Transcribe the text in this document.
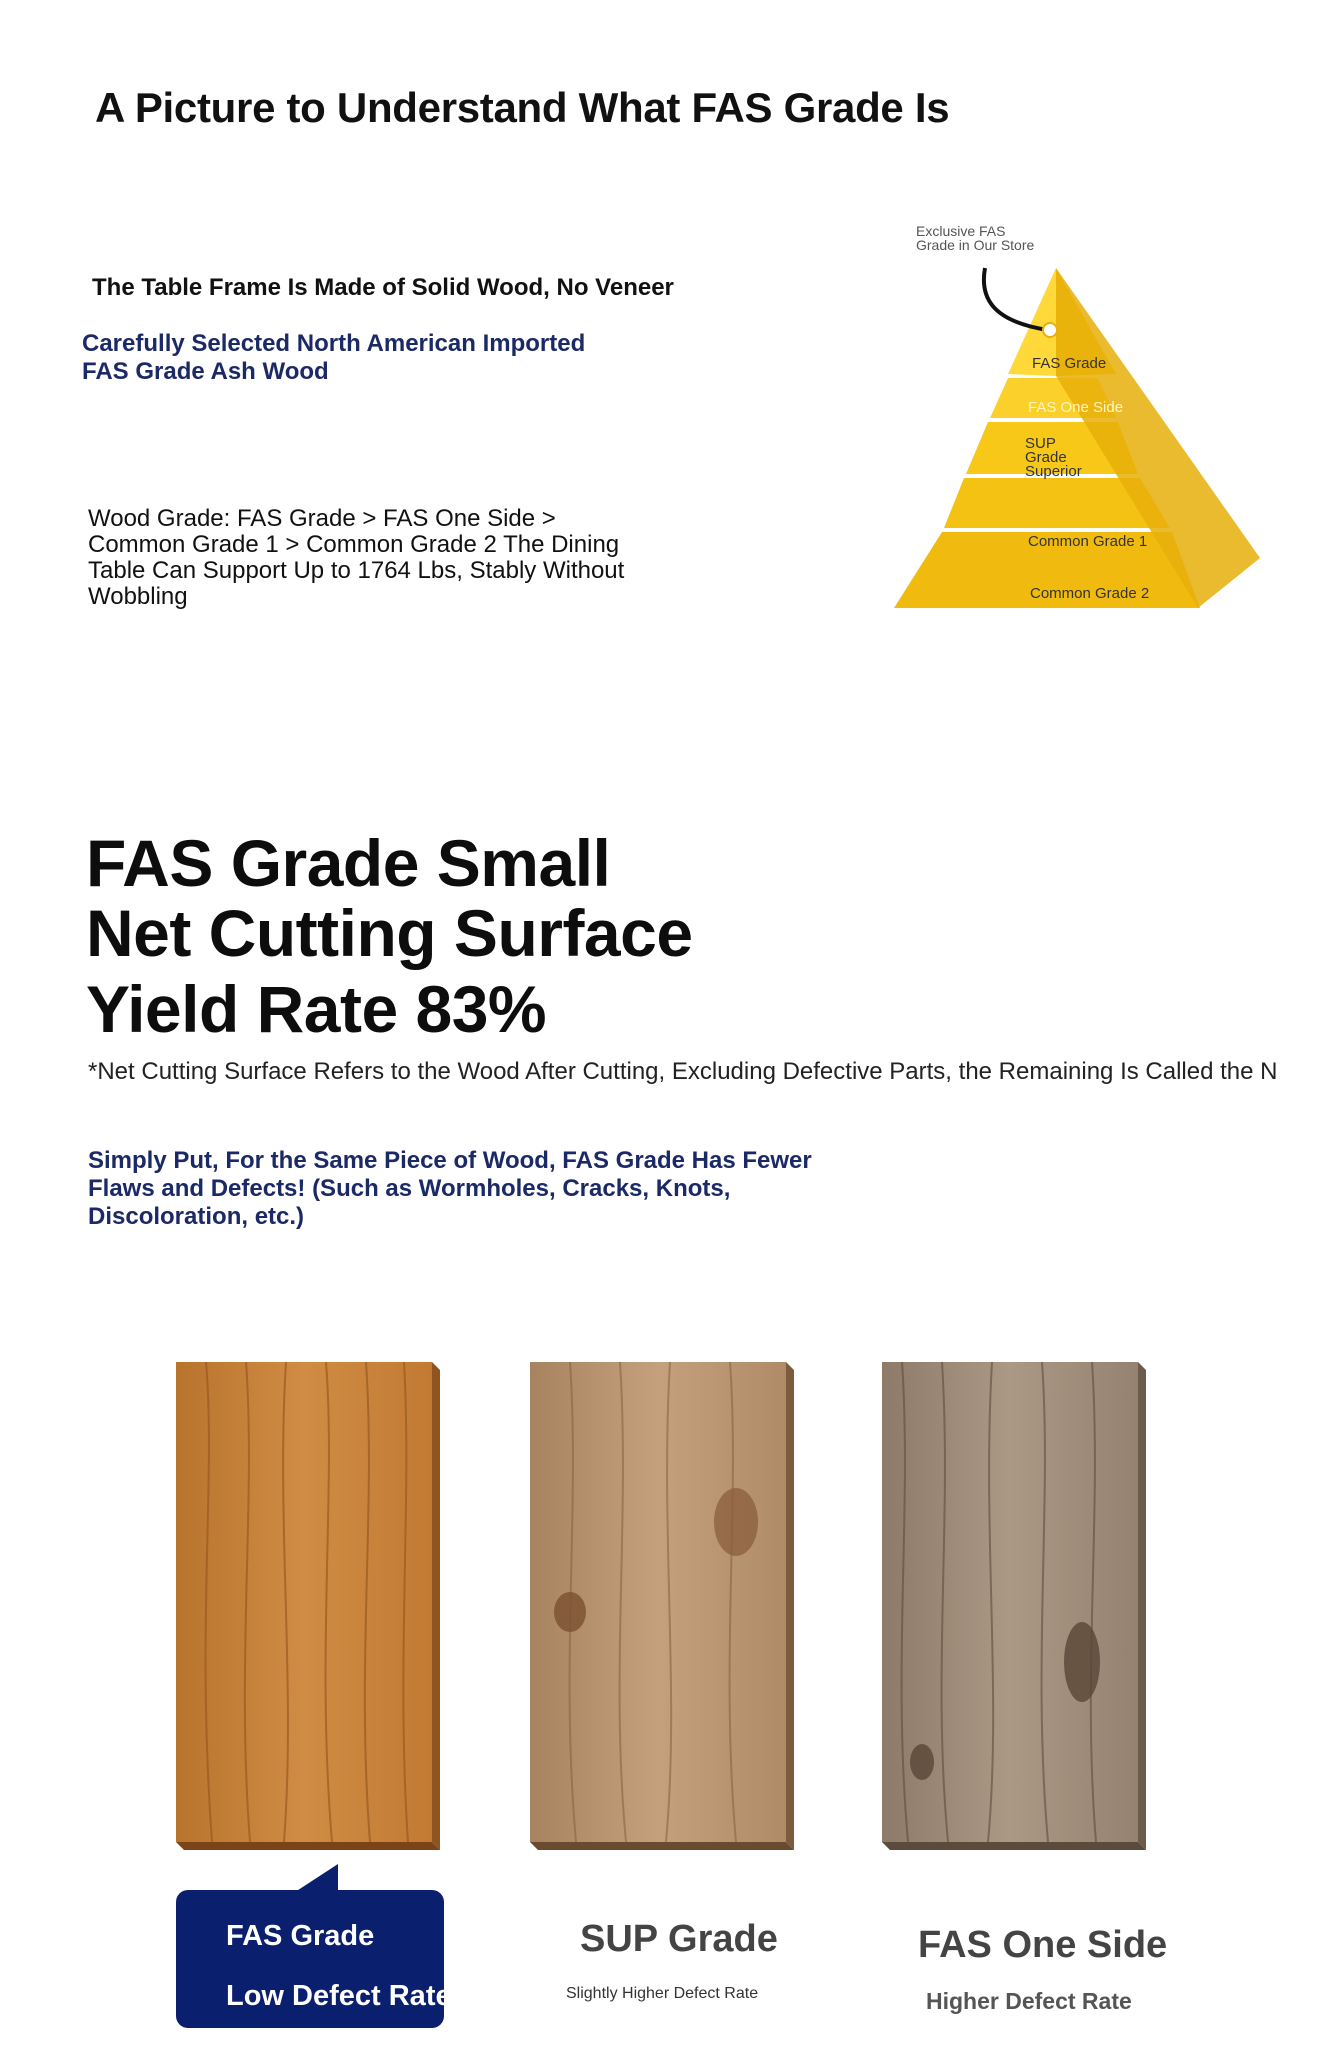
A Picture to Understand What FAS Grade Is
The Table Frame Is Made of Solid Wood, No Veneer
Carefully Selected North American Imported
FAS Grade Ash Wood
Wood Grade: FAS Grade > FAS One Side > Common Grade 1 > Common Grade 2 The Dining Table Can Support Up to 1764 Lbs, Stably Without Wobbling
Exclusive FAS
Grade in Our Store
FAS Grade
FAS One Side
SUP
Grade
Superior
Common Grade 1
Common Grade 2
FAS Grade Small
Net Cutting Surface
Yield Rate 83%
*Net Cutting Surface Refers to the Wood After Cutting, Excluding Defective Parts, the Remaining Is Called the N
Simply Put, For the Same Piece of Wood, FAS Grade Has Fewer Flaws and Defects! (Such as Wormholes, Cracks, Knots, Discoloration, etc.)
FAS Grade
Low Defect Rate
SUP Grade
Slightly Higher Defect Rate
FAS One Side
Higher Defect Rate
